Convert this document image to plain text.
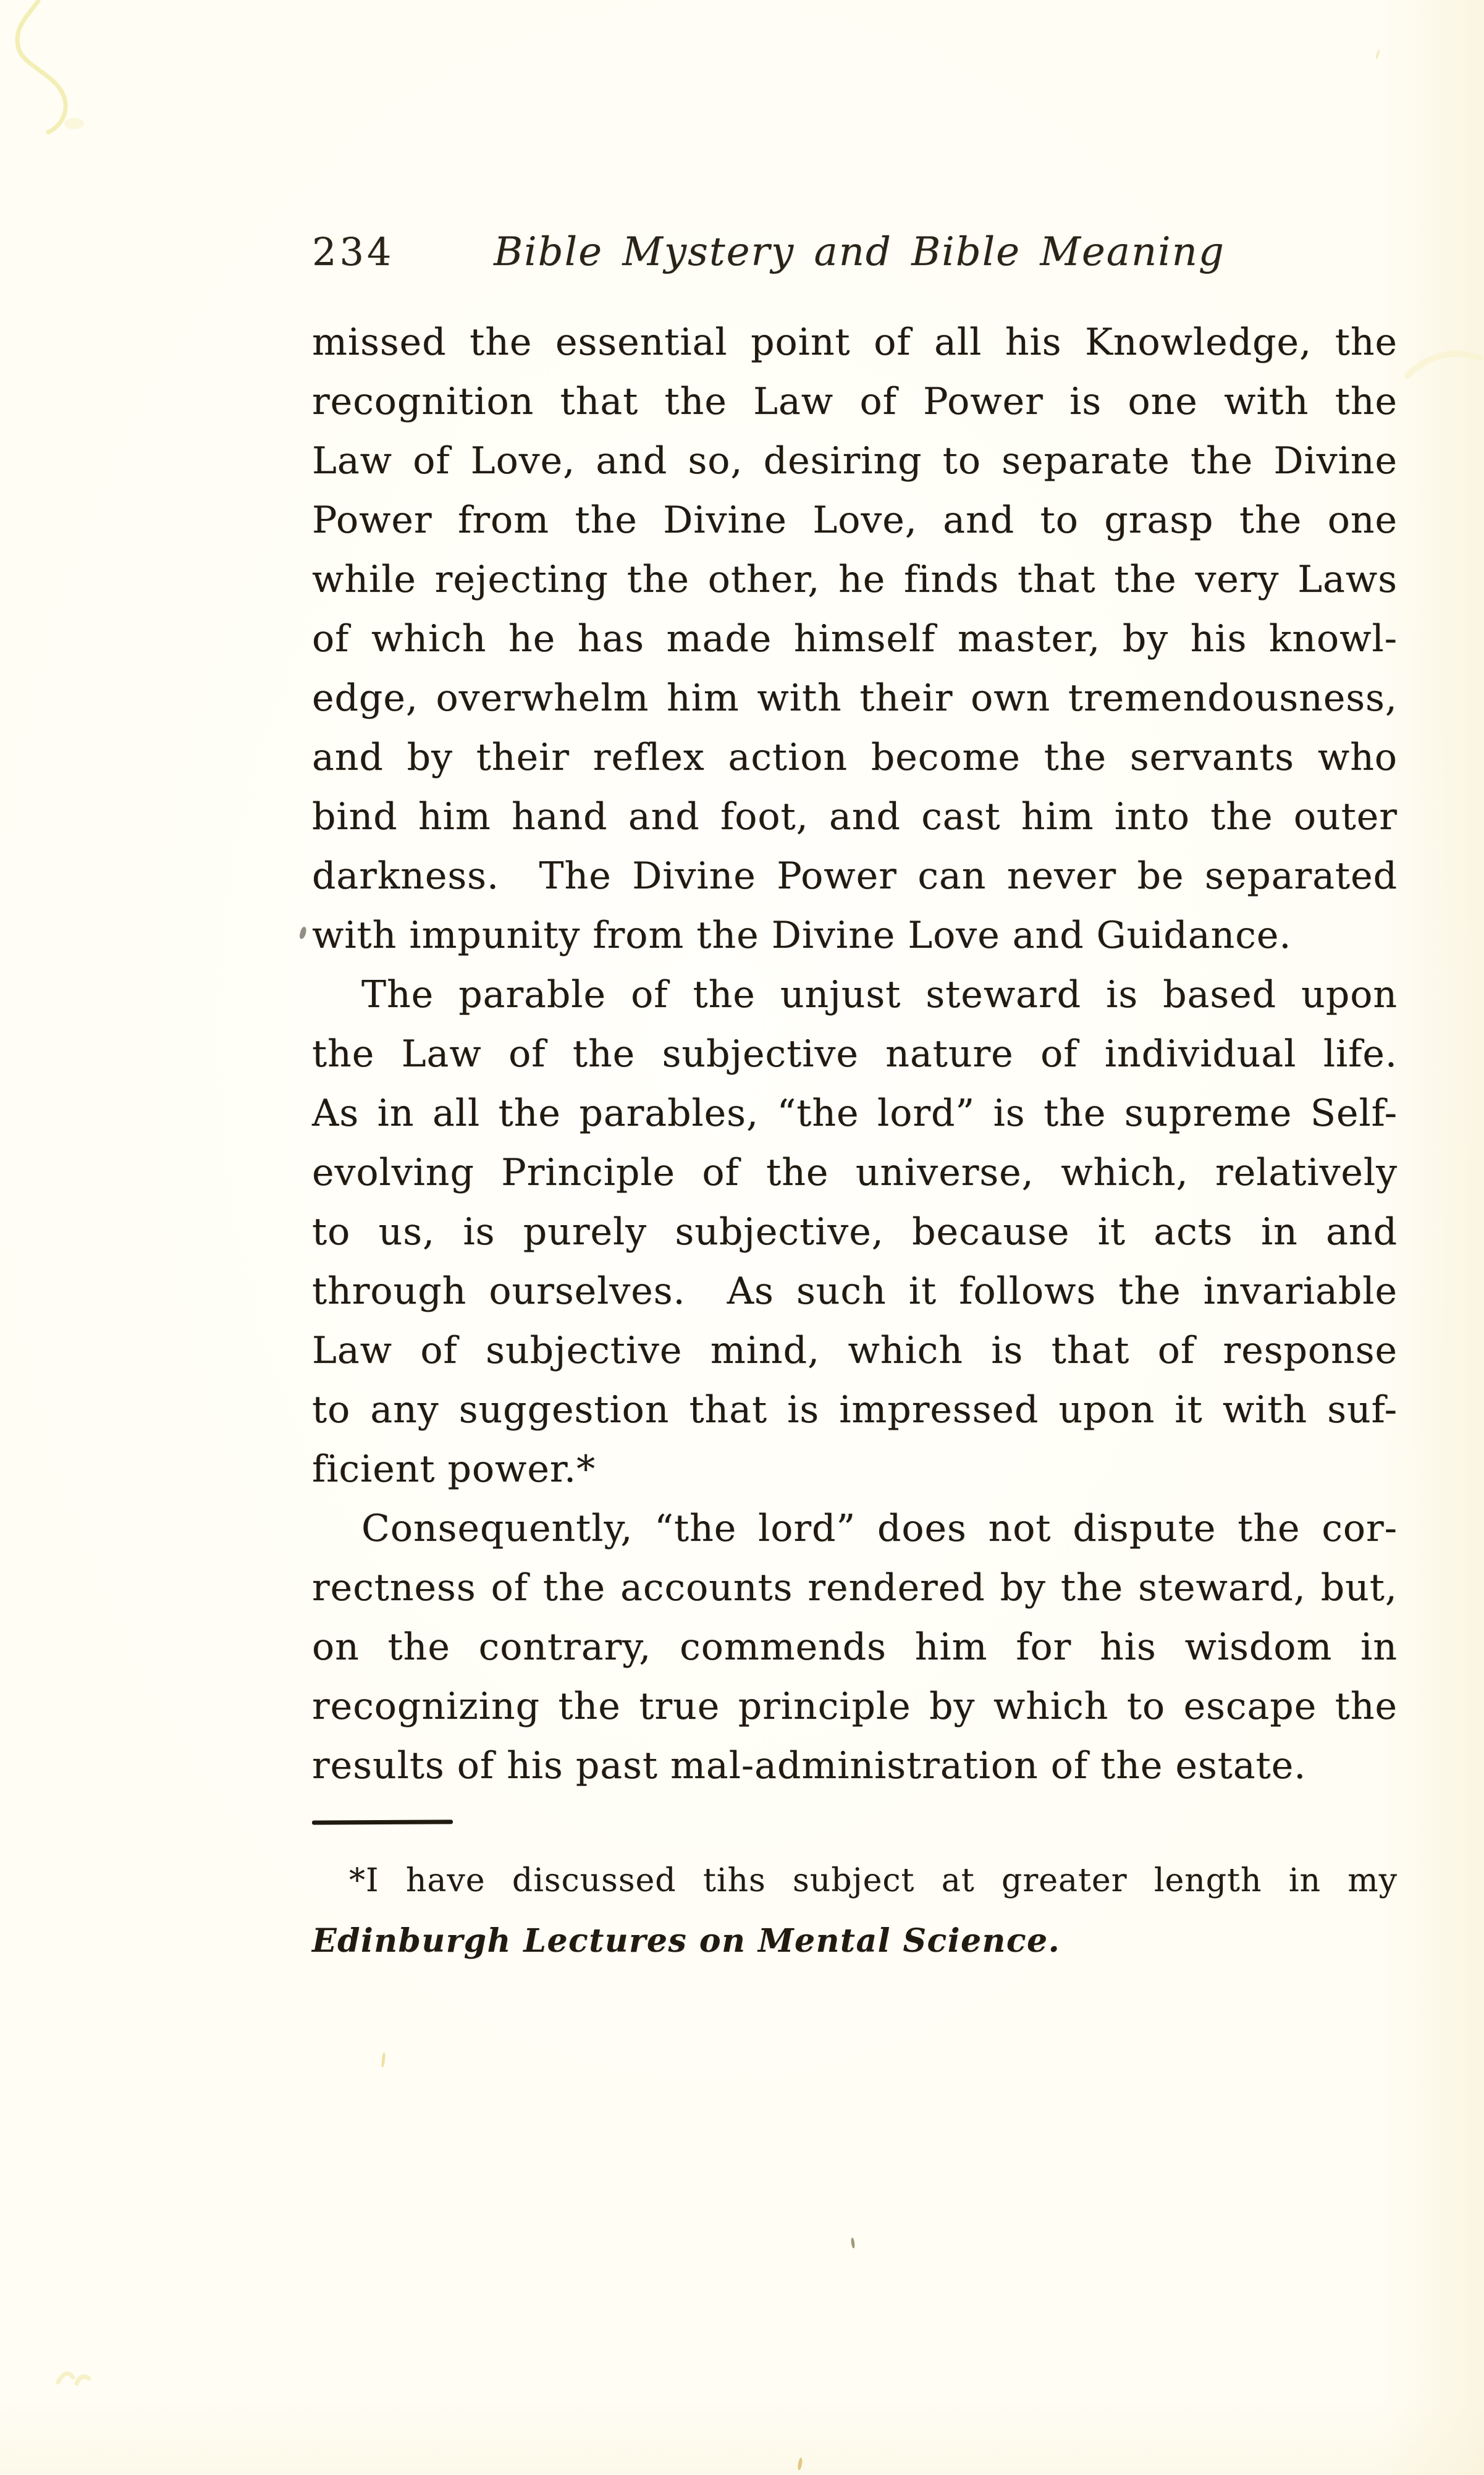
234	Bible Mystery and Bible Meaning
missed the essential point of all his Knowledge, the
recognition that the Law of Power is one with the
Law of Love, and so, desiring to separate the Divine
Power from the Divine Love, and to grasp the one
while rejecting the other, he finds that the very Laws
of which he has made himself master, by his knowl-
edge, overwhelm him with their own tremendousness,
and by their reflex action become the servants who
bind him hand and foot, and cast him into the outer
darkness.  The Divine Power can never be separated
with impunity from the Divine Love and Guidance.
The parable of the unjust steward is based upon
the Law of the subjective nature of individual life.
As in all the parables, “the lord” is the supreme Self-
evolving Principle of the universe, which, relatively
to us, is purely subjective, because it acts in and
through ourselves.  As such it follows the invariable
Law of subjective mind, which is that of response
to any suggestion that is impressed upon it with suf-
ficient power.*
Consequently, “the lord” does not dispute the cor-
rectness of the accounts rendered by the steward, but,
on the contrary, commends him for his wisdom in
recognizing the true principle by which to escape the
results of his past mal-administration of the estate.
*I have discussed tihs subject at greater length in my
Edinburgh Lectures on Mental Science.
